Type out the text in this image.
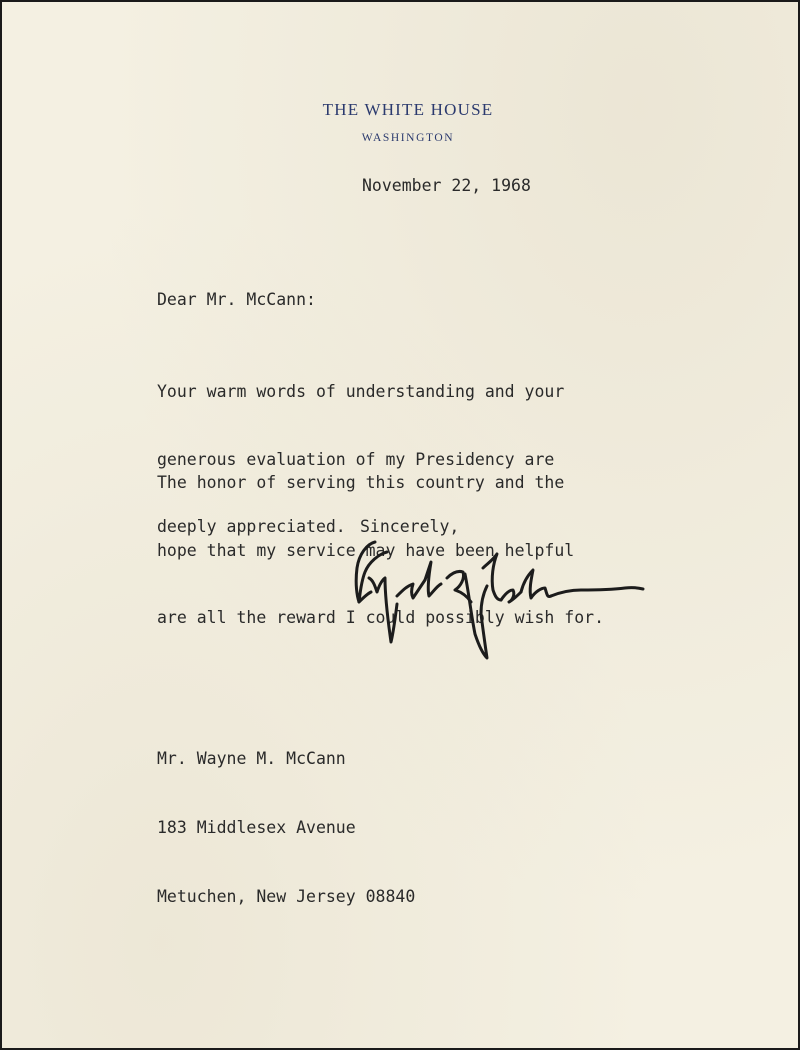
THE WHITE HOUSE
WASHINGTON
November 22, 1968
Dear Mr. McCann:

Your warm words of understanding and your

generous evaluation of my Presidency are

deeply appreciated.

The honor of serving this country and the

hope that my service may have been helpful

are all the reward I could possibly wish for.

Sincerely,

Mr. Wayne M. McCann

183 Middlesex Avenue

Metuchen, New Jersey 08840
